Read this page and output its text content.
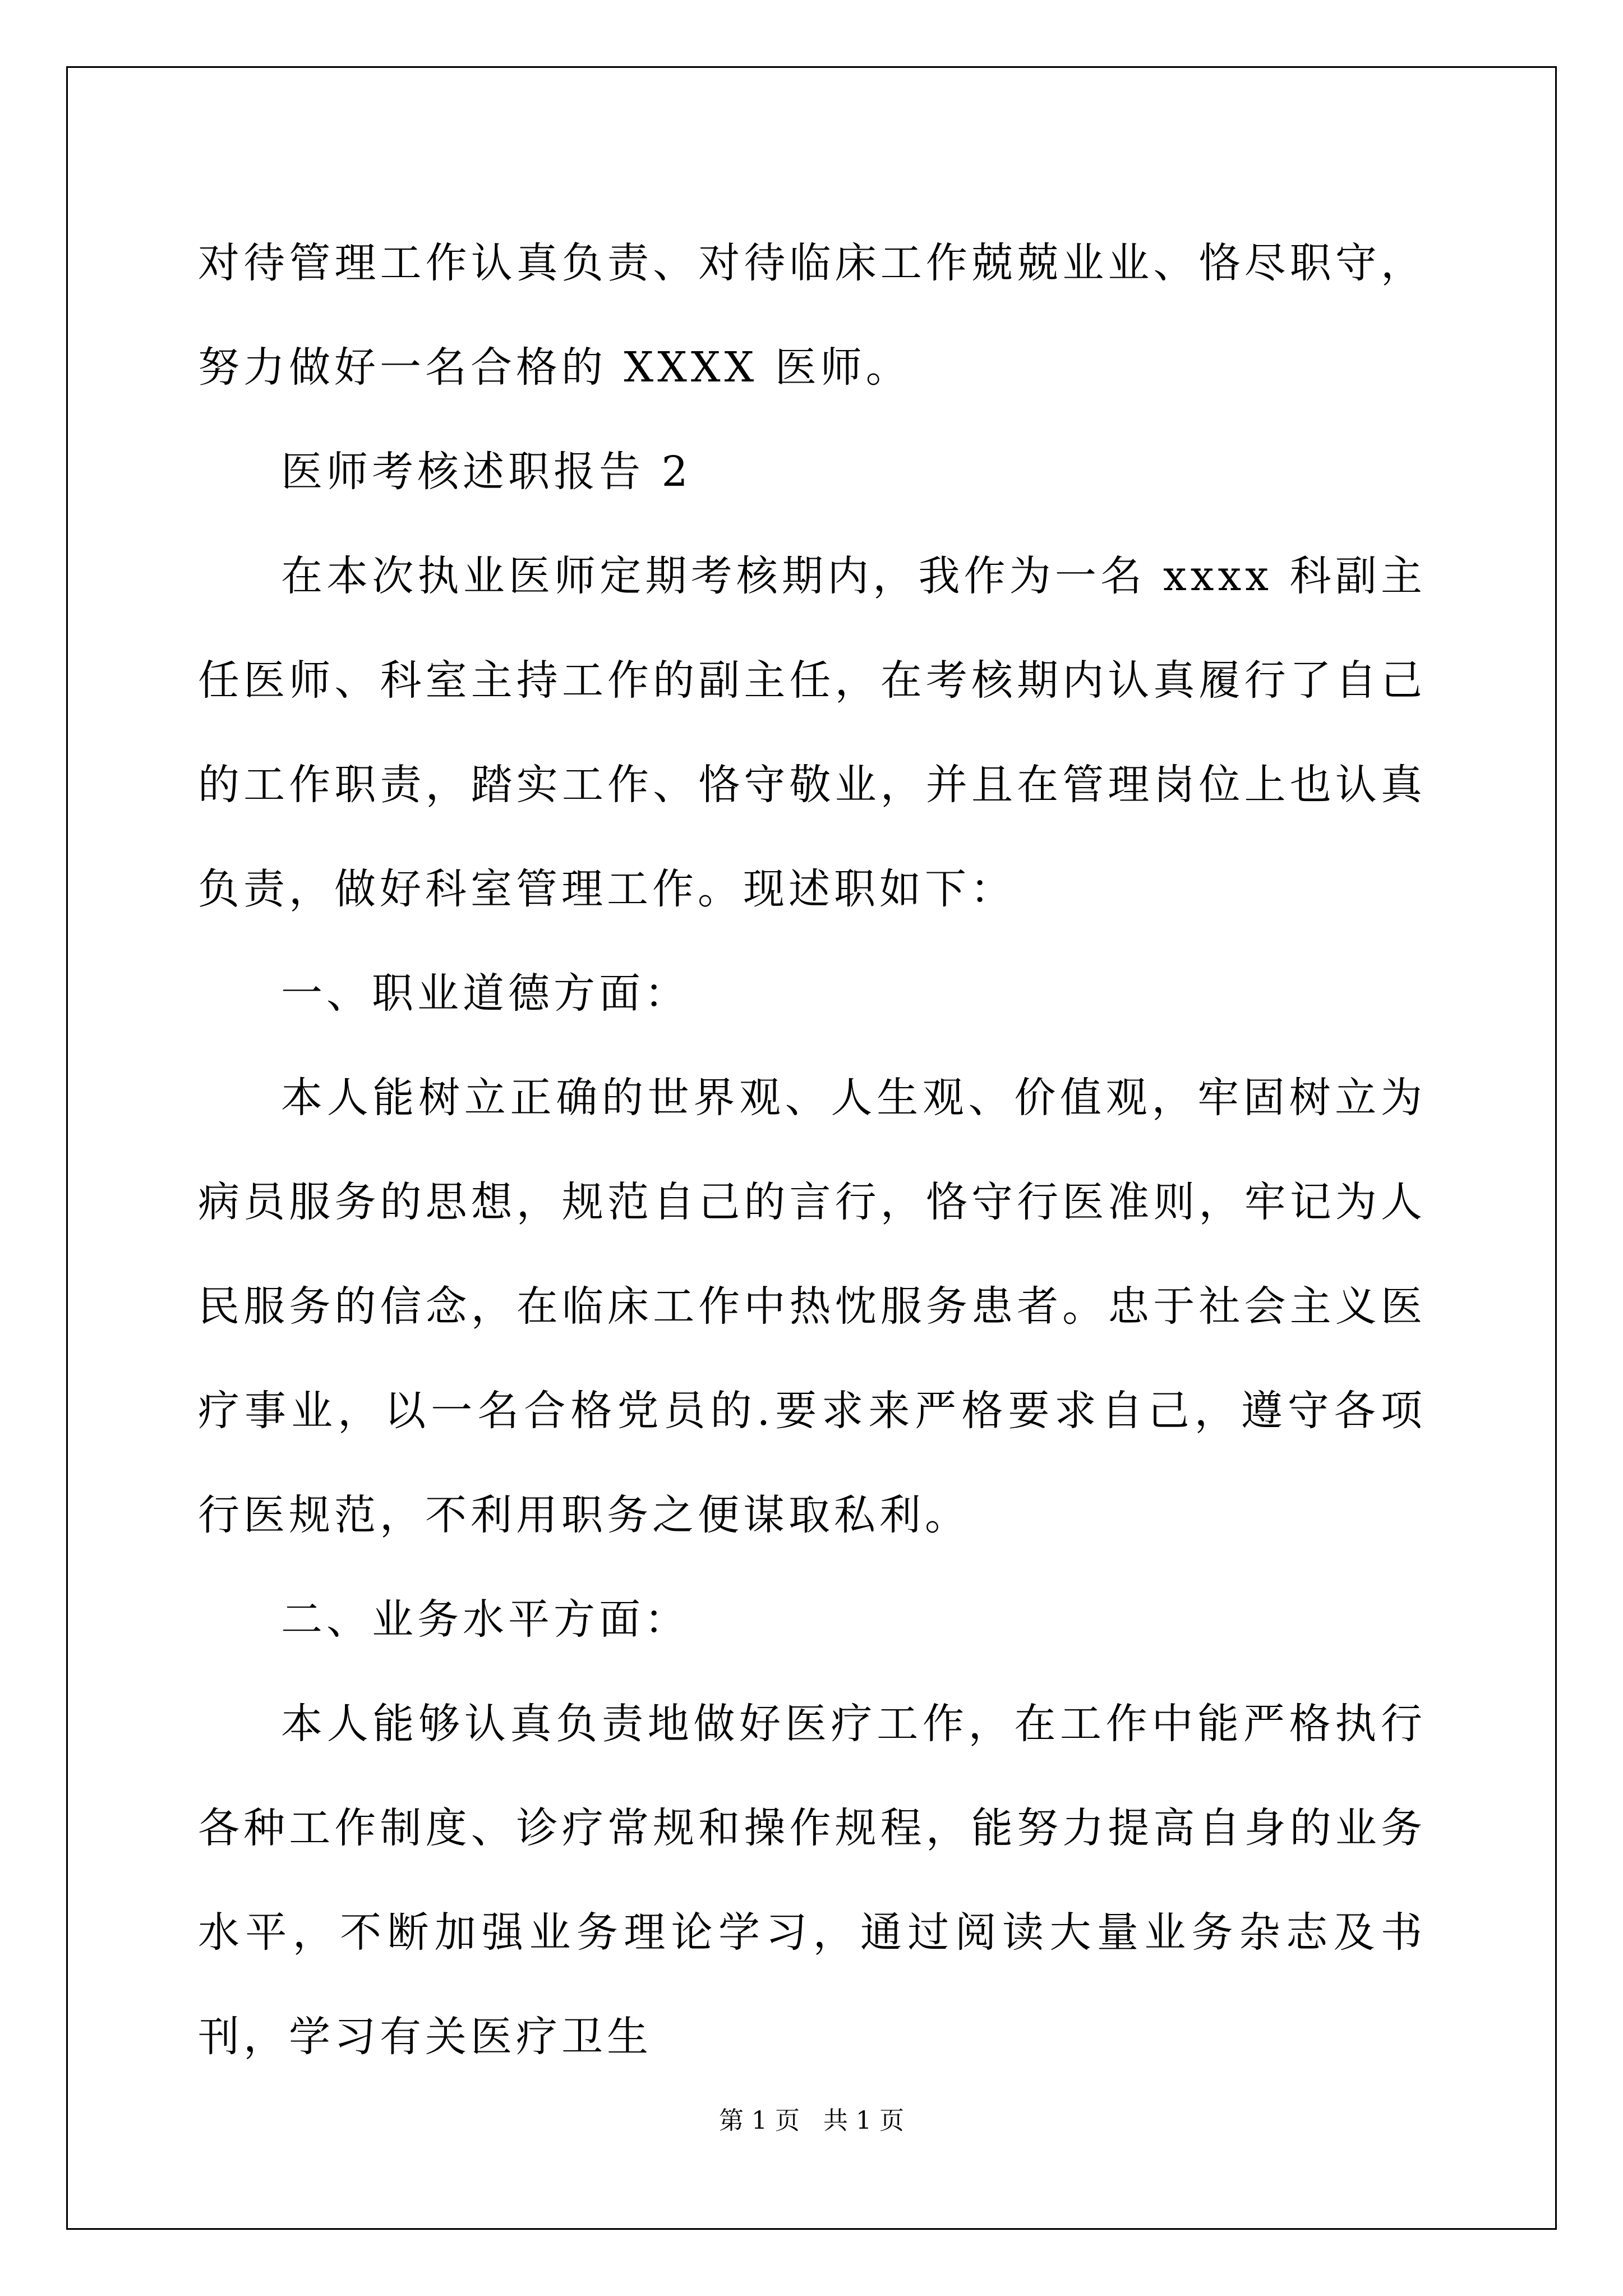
对待管理工作认真负责、对待临床工作兢兢业业、恪尽职守，努力做好一名合格的 XXXX 医师。

医师考核述职报告 2

在本次执业医师定期考核期内，我作为一名 xxxx 科副主任医师、科室主持工作的副主任，在考核期内认真履行了自己的工作职责，踏实工作、恪守敬业，并且在管理岗位上也认真负责，做好科室管理工作。现述职如下：

一、职业道德方面：

本人能树立正确的世界观、人生观、价值观，牢固树立为病员服务的思想，规范自己的言行，恪守行医准则，牢记为人民服务的信念，在临床工作中热忱服务患者。忠于社会主义医疗事业，以一名合格党员的.要求来严格要求自己，遵守各项行医规范，不利用职务之便谋取私利。

二、业务水平方面：

本人能够认真负责地做好医疗工作，在工作中能严格执行各种工作制度、诊疗常规和操作规程，能努力提高自身的业务水平，不断加强业务理论学习，通过阅读大量业务杂志及书刊，学习有关医疗卫生

第 1 页   共 1 页
